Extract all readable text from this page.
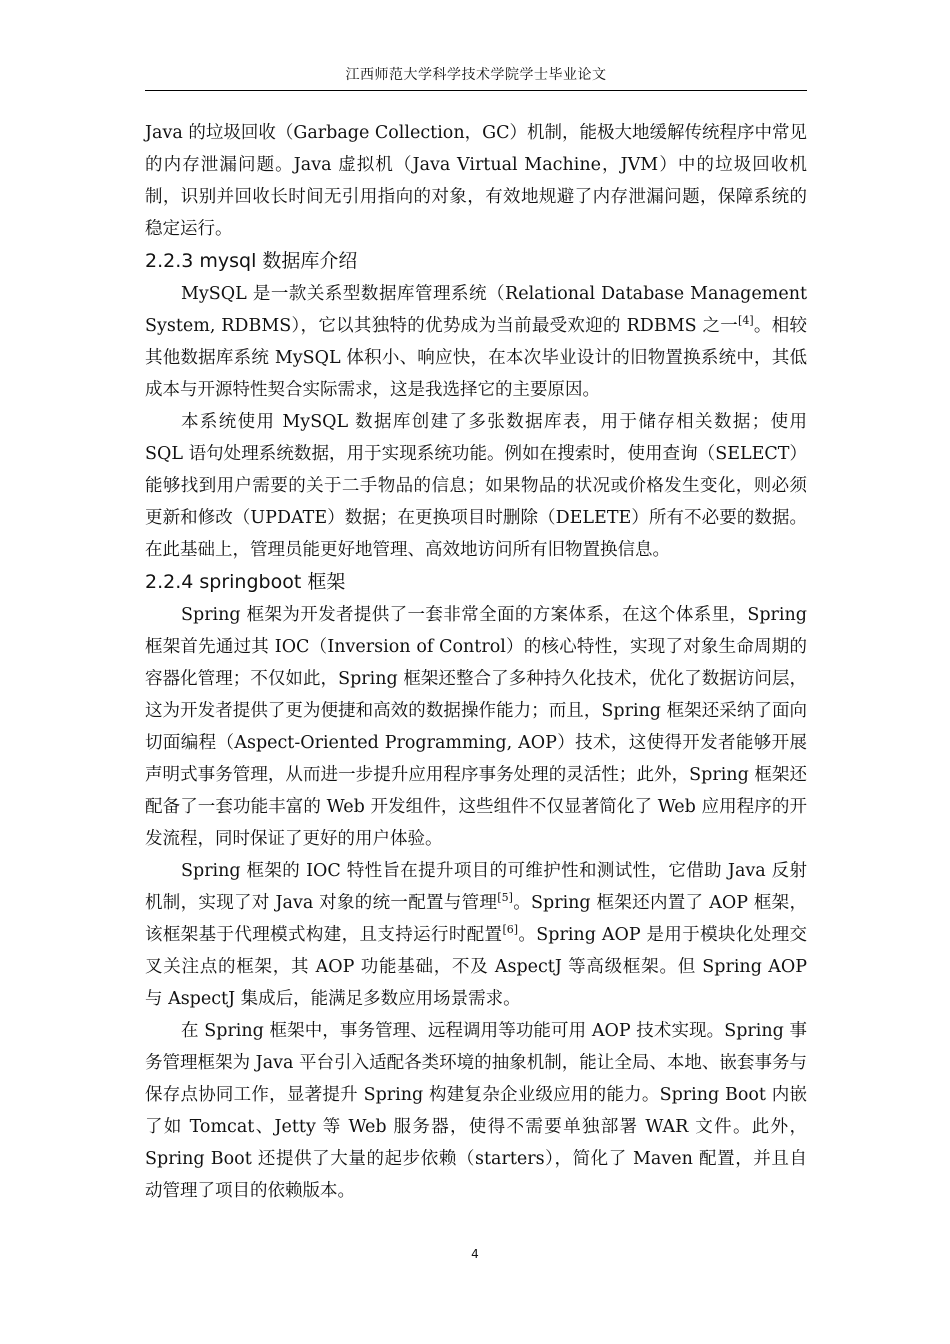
江西师范大学科学技术学院学士毕业论文

Java 的垃圾回收（Garbage Collection，GC）机制，能极大地缓解传统程序中常见的内存泄漏问题。Java 虚拟机（Java Virtual Machine，JVM）中的垃圾回收机制，识别并回收长时间无引用指向的对象，有效地规避了内存泄漏问题，保障系统的稳定运行。

2.2.3 mysql 数据库介绍

MySQL 是一款关系型数据库管理系统（Relational Database Management System, RDBMS），它以其独特的优势成为当前最受欢迎的 RDBMS 之一[4]。相较其他数据库系统 MySQL 体积小、响应快，在本次毕业设计的旧物置换系统中，其低成本与开源特性契合实际需求，这是我选择它的主要原因。

本系统使用 MySQL 数据库创建了多张数据库表，用于储存相关数据；使用 SQL 语句处理系统数据，用于实现系统功能。例如在搜索时，使用查询（SELECT）能够找到用户需要的关于二手物品的信息；如果物品的状况或价格发生变化，则必须更新和修改（UPDATE）数据；在更换项目时删除（DELETE）所有不必要的数据。在此基础上，管理员能更好地管理、高效地访问所有旧物置换信息。

2.2.4 springboot 框架

Spring 框架为开发者提供了一套非常全面的方案体系，在这个体系里，Spring 框架首先通过其 IOC（Inversion of Control）的核心特性，实现了对象生命周期的容器化管理；不仅如此，Spring 框架还整合了多种持久化技术，优化了数据访问层，这为开发者提供了更为便捷和高效的数据操作能力；而且，Spring 框架还采纳了面向切面编程（Aspect-Oriented Programming, AOP）技术，这使得开发者能够开展声明式事务管理，从而进一步提升应用程序事务处理的灵活性；此外，Spring 框架还配备了一套功能丰富的 Web 开发组件，这些组件不仅显著简化了 Web 应用程序的开发流程，同时保证了更好的用户体验。

Spring 框架的 IOC 特性旨在提升项目的可维护性和测试性，它借助 Java 反射机制，实现了对 Java 对象的统一配置与管理[5]。Spring 框架还内置了 AOP 框架，该框架基于代理模式构建，且支持运行时配置[6]。Spring AOP 是用于模块化处理交叉关注点的框架，其 AOP 功能基础，不及 AspectJ 等高级框架。但 Spring AOP 与 AspectJ 集成后，能满足多数应用场景需求。

在 Spring 框架中，事务管理、远程调用等功能可用 AOP 技术实现。Spring 事务管理框架为 Java 平台引入适配各类环境的抽象机制，能让全局、本地、嵌套事务与保存点协同工作，显著提升 Spring 构建复杂企业级应用的能力。Spring Boot 内嵌了如 Tomcat、Jetty 等 Web 服务器，使得不需要单独部署 WAR 文件。此外，Spring Boot 还提供了大量的起步依赖（starters），简化了 Maven 配置，并且自动管理了项目的依赖版本。

4
